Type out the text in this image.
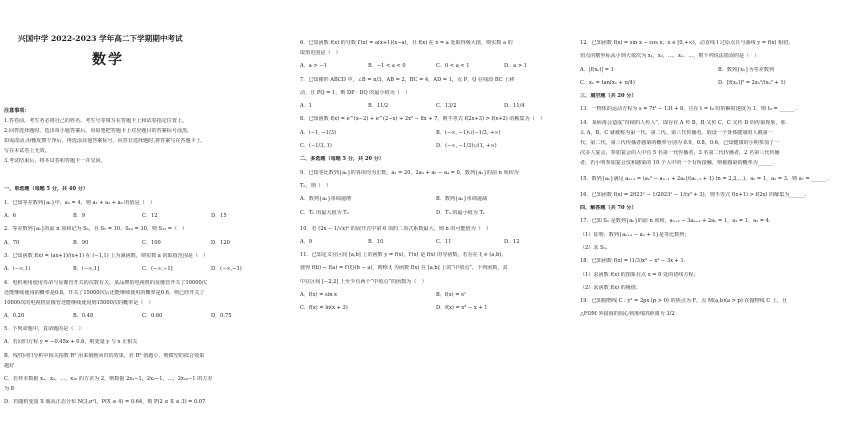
兴国中学 2022-2023 学年高二下学期期中考试
数学
注意事项：
1.答卷前，考生务必将自己的姓名、考生号等填写在答题卡上和试卷指定位置上。
2.回答选择题时，选出每小题答案后，用铅笔把答题卡上对应题目的答案标号涂黑。
如需改动,用橡皮擦干净后，再选涂其他答案标号。回答非选择题时,将答案写在答题卡上,
写在本试卷上无效。
3.考试结束后，将本试卷和答题卡一并交回。
一、单选题（每题 5 分，共 40 分）
1．已知等差数列{aₙ}中，a₂ = 4，则 a₁ + a₂ + a₃ 的值是（　）
A．6	B．9	C．12	D．15
2．等差数列{aₙ}的前 n 项和记为 Sₙ，且 S₅ = 10，S₁₀ = 30，则 S₁₅ =（　）
A．70	B．90	C．100	D．120
3．已知函数 f(x) = (ax+1)/(x+1) 在 (−1,1) 上为减函数，则实数 a 的取值范围是（　）
A．(−∞,1)	B．(−∞,1]	C．(−∞,−1]	D．(−∞,−1)
4．电机利用使用寿命与显像管开关的次数有关，某品牌的电视机的显像管开关了10000次
还能继续使用的概率是0.8，开关了15000次后还能继续使用的概率是0.6，则已经开关了
10000次的电视机显像管还能继续使用到15000次的概率是（　）
A．0.20	B．0.48	C．0.60	D．0.75
5．下列命题中，真命题的是（　）
A．若回归方程 ŷ = −0.45x + 0.6，则变量 y 与 x 正相关
B．线性回归分析中相关指数 R² 用来刻画回归的效果，若 R² 值越小，则模型的拟合效果
越好
C．若样本数据 x₁，x₂，…，x₁₀ 的方差为 2，则数据 2x₁−1，2x₂−1，…，2x₁₀−1 的方差
为 8
D．若随机变量 X 服从正态分布 N(3,σ²)，P(X ≤ 4) = 0.64，则 P(2 ≤ X ≤ 3) = 0.07
6．已知函数 f(x) 的导数 f′(x) = a(x+1)(x−a)，且 f(x) 在 x = a 处取得极大值，则实数 a 的
取值范围是（　）
A．a > −1	B．−1 < a < 0	C．0 < a < 1	D．a > 1
7．已知梯形 ABCD 中，∠B = π/3，AB = 2，BC = 4，AD = 1，点 P，Q 在线段 BC 上移
动，且 PQ = 1，则 DP · DQ 的最小值为（　）
A．1	B．11/2	C．13/2	D．11/4
8．已知函数 f(x) = e^(x−2) + e^(2−x) + 2x² − 8x + 7，则不等式 f(2x+3) > f(x+2) 的解集为（　）
A．(−1, −1/3)	B．(−∞, −1)∪(−1/3, +∞)
C．(−1/3, 1)	D．(−∞, −1/3)∪(1, +∞)
二、多选题（每题 5 分，共 20 分）
9．已知等比数列{aₙ}的各项均为正数，a₁ = 20，2a₃ + a₅ − a₄ = 0，数列{aₙ}的前 n 项积为
Tₙ，则（　）
A．数列{aₙ}单调递增	B．数列{aₙ}单调递减
C．Tₙ 的最大值为 T₂	D．Tₙ 的最小值为 T₁
10．若 (2x − 1/√x)ⁿ 的展开式中第 6 项的二项式系数最大，则 n 的可能值为（　）
A．9	B．10	C．11	D．12
11．已知定义在区间 [a,b] 上的函数 y = f(x)，f′(x) 是 f(x) 的导函数，若存在 ξ ∈ (a,b)，
使得 f(b) − f(a) = f′(ξ)(b − a)，则称 ξ 为函数 f(x) 在 [a,b] 上的“中值点”。下列函数，其
中在区间 [−2,2] 上至少有两个“中值点”的函数为（　）
A．f(x) = sin x	B．f(x) = eˣ
C．f(x) = ln(x + 3)	D．f(x) = x³ − x + 1
12．已知函数 f(x) = sin x − cos x，x ∈ [0,+∞)，动直线 l 过原点且与曲线 y = f(x) 相切，
切点的横坐标从小到大依次为 x₁，x₂，…，xₙ，…，则下列说法错误的是（　）
A．|f(xₙ)| = 1	B．数列{xₙ}为等差数列
C．xₙ = tan(xₙ + π/4)	D．[f(xₙ)]² = 2xₙ²/(xₙ² + 1)
三、填空题（共 20 分）
13．一物体的运动方程为 s = 7t² − 13t + 8，且在 t = t₀ 时的瞬时速度为 1，则 t₀ = ______.
14．某病毒会造成“持续的人传人”，即存在 A 传 B，B 又传 C，C 又传 D 的传染现象，那
么 A，B，C 就被称为第一代、第二代、第三代传播者。假设一个身体健康的人被第一
代、第二代、第三代传播者感染的概率分别为 0.9，0.8，0.6，已知健康的小明参加了一
次多人宴会，参加宴会的人中有 5 名第一代传播者，3 名第二代传播者，2 名第三代传播
者，若小明参加宴会仅和感染的 10 个人中的一个有所接触，则被感染的概率为______.
15．数列{aₙ}满足 aₙ₊₁ = (aₙ² − aₙ₋₁ + 2aₙ)/(aₙ₋₁ + 1) (n = 2,3,…)，a₂ = 1，a₃ = 3，则 a₇ = ______.
16．已知函数 f(x) = 2023ˣ − 1/2023ˣ − 1/(x³ + 3)，则不等式 f(x+1) > f(2x) 的解集为______.
四、解答题（共 70 分）
17．已知 Sₙ 是数列{aₙ}的前 n 项和，aₙ₊₂ − 3aₙ₊₁ + 2aₙ = 1，a₁ = 1，a₂ = 4.
（1）证明：数列{aₙ₊₁ − aₙ + 1}是等比数列；
（2）求 Sₙ.
18．已知函数 f(x) = (1/3)x³ − x² − 3x + 1.
（1）求函数 f(x) 的图象在点 x = 0 处的切线方程；
（2）求函数 f(x) 的极值.
19．已知抛物线 C : y² = 2px (p > 0) 的焦点为 F，点 M(a,b)(a > p) 在抛物线 C 上，且
△FOM 外接圆的圆心到准线的距离为 3/2
